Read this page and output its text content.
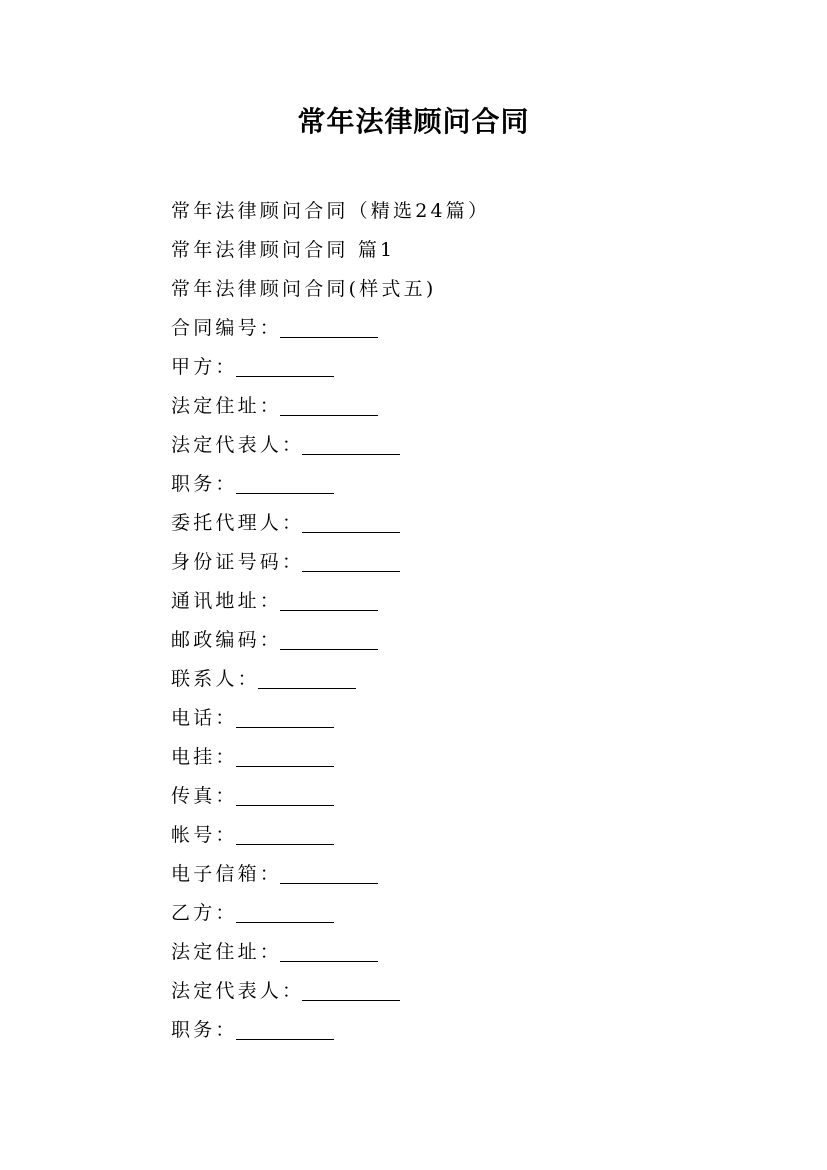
常年法律顾问合同
常年法律顾问合同（精选24篇）
常年法律顾问合同 篇1
常年法律顾问合同(样式五)
合同编号：
甲方：
法定住址：
法定代表人：
职务：
委托代理人：
身份证号码：
通讯地址：
邮政编码：
联系人：
电话：
电挂：
传真：
帐号：
电子信箱：
乙方：
法定住址：
法定代表人：
职务：
